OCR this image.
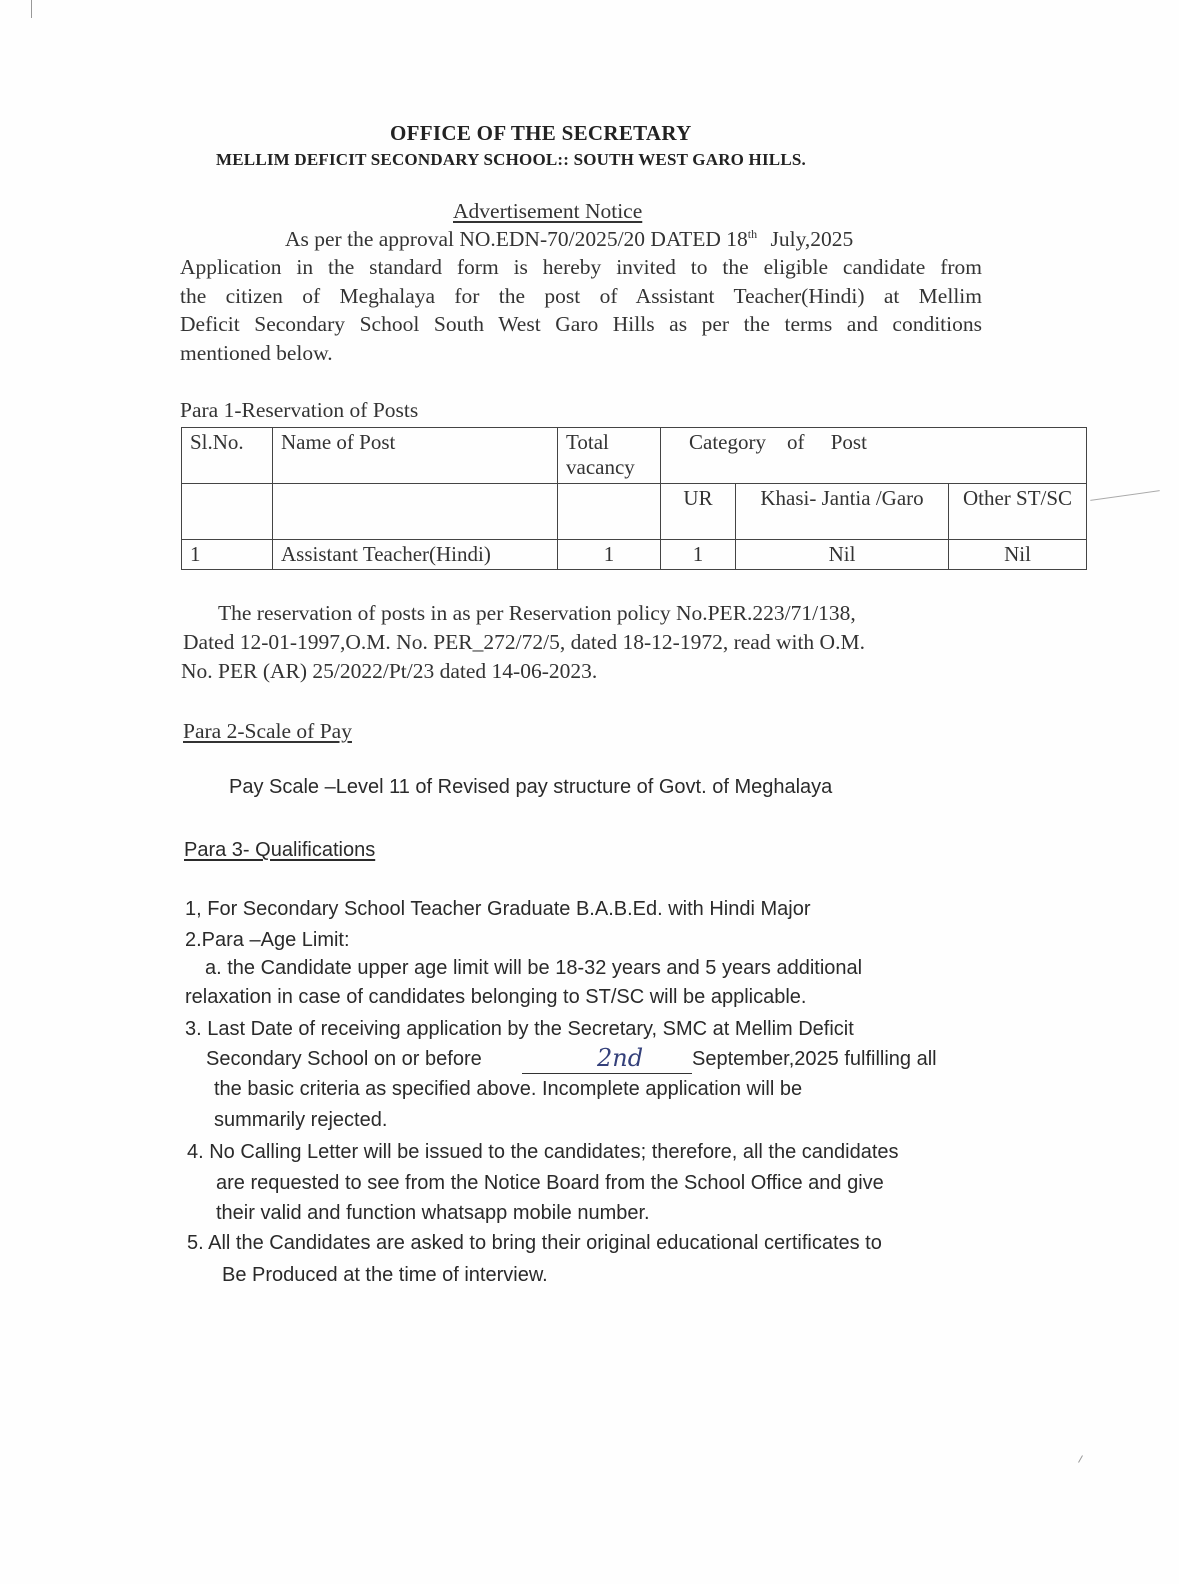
OFFICE OF THE SECRETARY
MELLIM DEFICIT SECONDARY SCHOOL:: SOUTH WEST GARO HILLS.
Advertisement Notice
As per the approval NO.EDN-70/2025/20 DATED 18th July,2025
Application in the standard form is hereby invited to the eligible candidate from
the citizen of Meghalaya for the post of Assistant Teacher(Hindi) at Mellim
Deficit Secondary School South West Garo Hills as per the terms and conditions
mentioned below.
Para 1-Reservation of Posts
Sl.No.	Name of Post	Total vacancy	Category    of     Post		
			UR	Khasi- Jantia /Garo	Other ST/SC
1	Assistant Teacher(Hindi)	1	1	Nil	Nil
The reservation of posts in as per Reservation policy No.PER.223/71/138,
Dated 12-01-1997,O.M. No. PER_272/72/5, dated 18-12-1972, read with O.M.
No. PER (AR) 25/2022/Pt/23 dated 14-06-2023.
Para 2-Scale of Pay
Pay Scale –Level 11 of Revised pay structure of Govt. of Meghalaya
Para 3- Qualifications
1, For Secondary School Teacher Graduate B.A.B.Ed. with Hindi Major
2.Para –Age Limit:
a. the Candidate upper age limit will be 18-32 years and 5 years additional
relaxation in case of candidates belonging to ST/SC will be applicable.
3. Last Date of receiving application by the Secretary, SMC at Mellim Deficit
Secondary School on or before	2nd September,2025 fulfilling all
the basic criteria as specified above. Incomplete application will be
summarily rejected.
4. No Calling Letter will be issued to the candidates; therefore, all the candidates
are requested to see from the Notice Board from the School Office and give
their valid and function whatsapp mobile number.
5. All the Candidates are asked to bring their original educational certificates to
Be Produced at the time of interview.
